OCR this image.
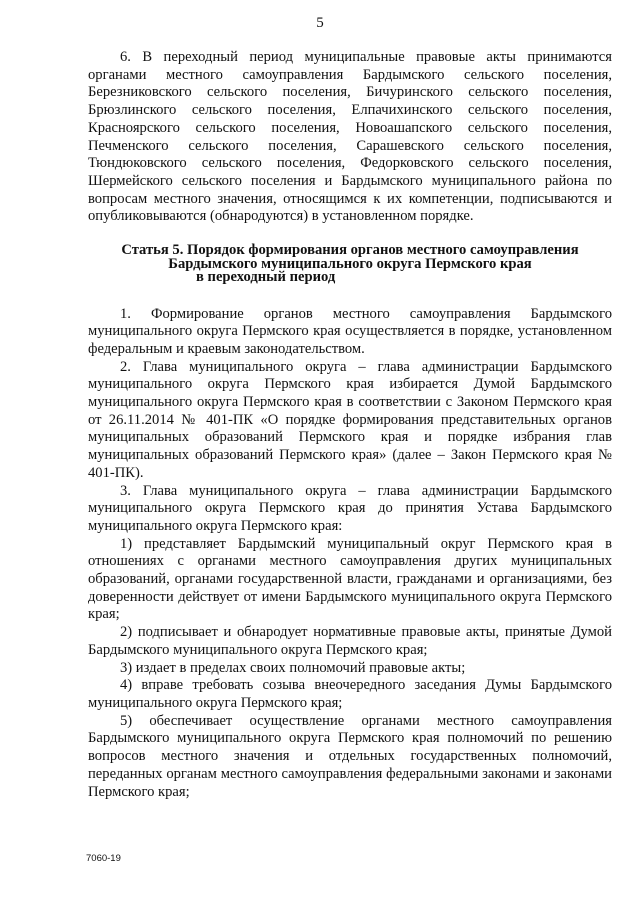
5

6. В переходный период муниципальные правовые акты принимаются органами местного самоуправления Бардымского сельского поселения, Березниковского сельского поселения, Бичуринского сельского поселения, Брюзлинского сельского поселения, Елпачихинского сельского поселения, Красноярского сельского поселения, Новоашапского сельского поселения, Печменского сельского поселения, Сарашевского сельского поселения, Тюндюковского сельского поселения, Федорковского сельского поселения, Шермейского сельского поселения и Бардымского муниципального района по вопросам местного значения, относящимся к их компетенции, подписываются и опубликовываются (обнародуются) в установленном порядке.

Статья 5. Порядок формирования органов местного самоуправления
Бардымского муниципального округа Пермского края
в переходный период

1. Формирование органов местного самоуправления Бардымского муниципального округа Пермского края осуществляется в порядке, установленном федеральным и краевым законодательством.

2. Глава муниципального округа – глава администрации Бардымского муниципального округа Пермского края избирается Думой Бардымского муниципального округа Пермского края в соответствии с Законом Пермского края от 26.11.2014 № 401-ПК «О порядке формирования представительных органов муниципальных образований Пермского края и порядке избрания глав муниципальных образований Пермского края» (далее – Закон Пермского края № 401-ПК).

3. Глава муниципального округа – глава администрации Бардымского муниципального округа Пермского края до принятия Устава Бардымского муниципального округа Пермского края:

1) представляет Бардымский муниципальный округ Пермского края в отношениях с органами местного самоуправления других муниципальных образований, органами государственной власти, гражданами и организациями, без доверенности действует от имени Бардымского муниципального округа Пермского края;

2) подписывает и обнародует нормативные правовые акты, принятые Думой Бардымского муниципального округа Пермского края;

3) издает в пределах своих полномочий правовые акты;

4) вправе требовать созыва внеочередного заседания Думы Бардымского муниципального округа Пермского края;

5) обеспечивает осуществление органами местного самоуправления Бардымского муниципального округа Пермского края полномочий по решению вопросов местного значения и отдельных государственных полномочий, переданных органам местного самоуправления федеральными законами и законами Пермского края;

7060-19
